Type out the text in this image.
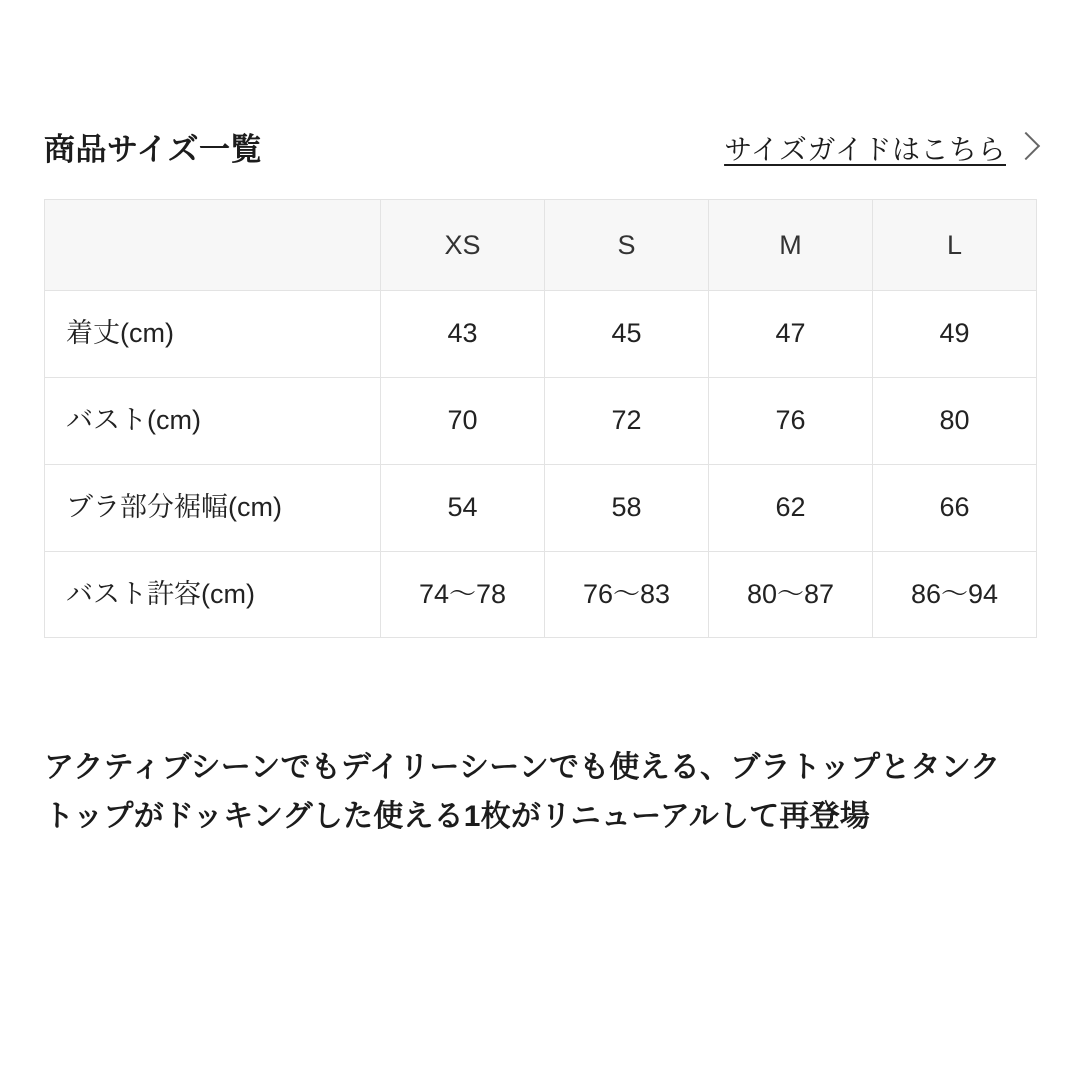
商品サイズ一覧	サイズガイドはこちら
	XS	S	M	L
着丈(cm)	43	45	47	49
バスト(cm)	70	72	76	80
ブラ部分裾幅(cm)	54	58	62	66
バスト許容(cm)	74〜78	76〜83	80〜87	86〜94

アクティブシーンでもデイリーシーンでも使える、ブラトップとタンクトップがドッキングした使える1枚がリニューアルして再登場
